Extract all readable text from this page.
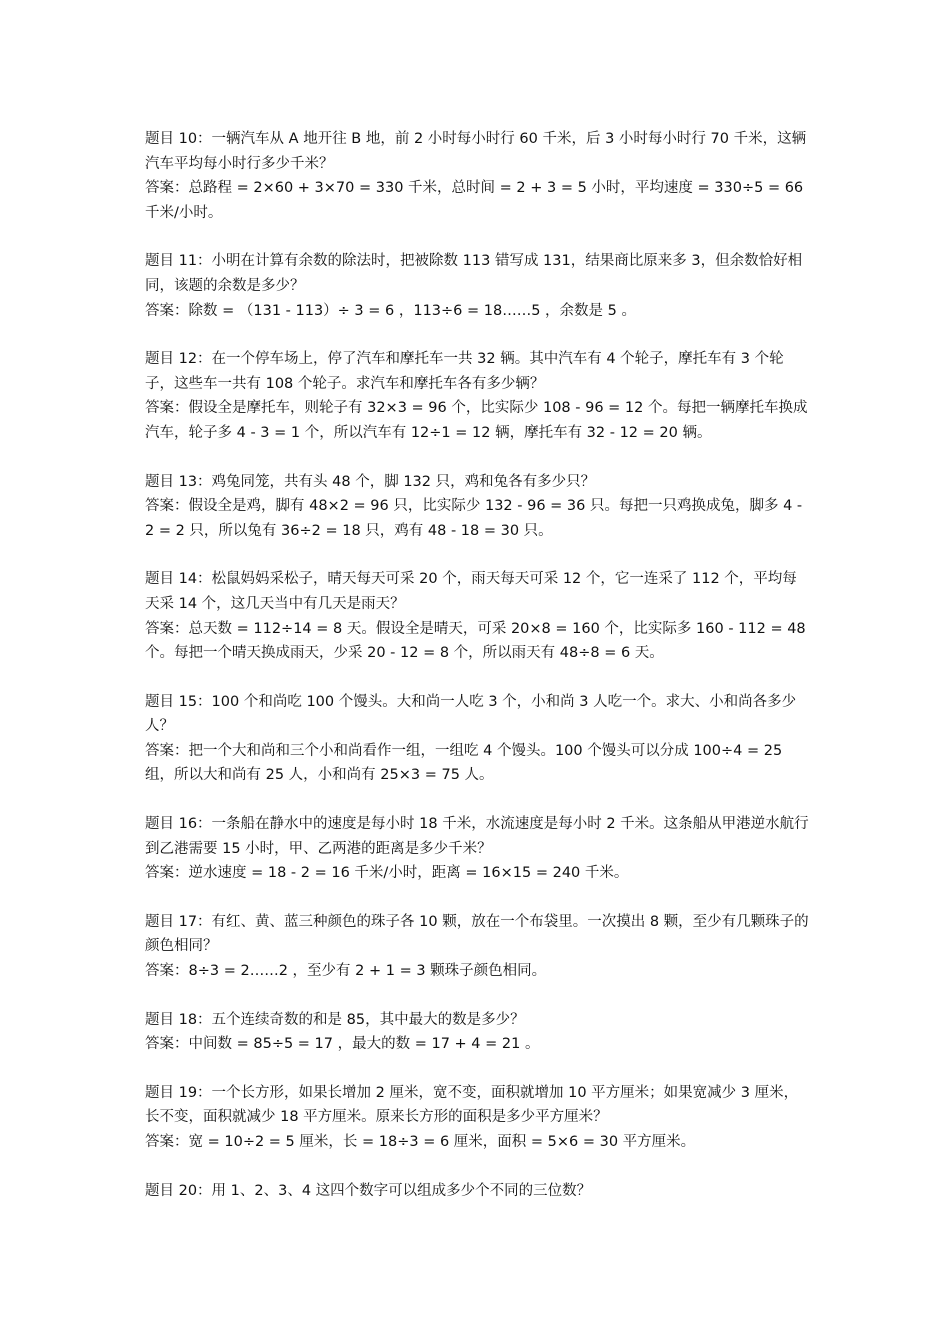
题目 10：一辆汽车从 A 地开往 B 地，前 2 小时每小时行 60 千米，后 3 小时每小时行 70 千米，这辆汽车平均每小时行多少千米？

答案：总路程 = 2×60 + 3×70 = 330 千米，总时间 = 2 + 3 = 5 小时，平均速度 = 330÷5 = 66 千米/小时。

题目 11：小明在计算有余数的除法时，把被除数 113 错写成 131，结果商比原来多 3，但余数恰好相同，该题的余数是多少？

答案：除数 = （131 - 113）÷ 3 = 6 ，113÷6 = 18……5 ，余数是 5 。

题目 12：在一个停车场上，停了汽车和摩托车一共 32 辆。其中汽车有 4 个轮子，摩托车有 3 个轮子，这些车一共有 108 个轮子。求汽车和摩托车各有多少辆？

答案：假设全是摩托车，则轮子有 32×3 = 96 个，比实际少 108 - 96 = 12 个。每把一辆摩托车换成汽车，轮子多 4 - 3 = 1 个，所以汽车有 12÷1 = 12 辆，摩托车有 32 - 12 = 20 辆。

题目 13：鸡兔同笼，共有头 48 个，脚 132 只，鸡和兔各有多少只？

答案：假设全是鸡，脚有 48×2 = 96 只，比实际少 132 - 96 = 36 只。每把一只鸡换成兔，脚多 4 - 2 = 2 只，所以兔有 36÷2 = 18 只，鸡有 48 - 18 = 30 只。

题目 14：松鼠妈妈采松子，晴天每天可采 20 个，雨天每天可采 12 个，它一连采了 112 个，平均每天采 14 个，这几天当中有几天是雨天？

答案：总天数 = 112÷14 = 8 天。假设全是晴天，可采 20×8 = 160 个，比实际多 160 - 112 = 48 个。每把一个晴天换成雨天，少采 20 - 12 = 8 个，所以雨天有 48÷8 = 6 天。

题目 15：100 个和尚吃 100 个馒头。大和尚一人吃 3 个，小和尚 3 人吃一个。求大、小和尚各多少人？

答案：把一个大和尚和三个小和尚看作一组，一组吃 4 个馒头。100 个馒头可以分成 100÷4 = 25 组，所以大和尚有 25 人，小和尚有 25×3 = 75 人。

题目 16：一条船在静水中的速度是每小时 18 千米，水流速度是每小时 2 千米。这条船从甲港逆水航行到乙港需要 15 小时，甲、乙两港的距离是多少千米？

答案：逆水速度 = 18 - 2 = 16 千米/小时，距离 = 16×15 = 240 千米。

题目 17：有红、黄、蓝三种颜色的珠子各 10 颗，放在一个布袋里。一次摸出 8 颗，至少有几颗珠子的颜色相同？

答案：8÷3 = 2……2 ，至少有 2 + 1 = 3 颗珠子颜色相同。

题目 18：五个连续奇数的和是 85，其中最大的数是多少？

答案：中间数 = 85÷5 = 17 ，最大的数 = 17 + 4 = 21 。

题目 19：一个长方形，如果长增加 2 厘米，宽不变，面积就增加 10 平方厘米；如果宽减少 3 厘米，长不变，面积就减少 18 平方厘米。原来长方形的面积是多少平方厘米？

答案：宽 = 10÷2 = 5 厘米，长 = 18÷3 = 6 厘米，面积 = 5×6 = 30 平方厘米。

题目 20：用 1、2、3、4 这四个数字可以组成多少个不同的三位数？
